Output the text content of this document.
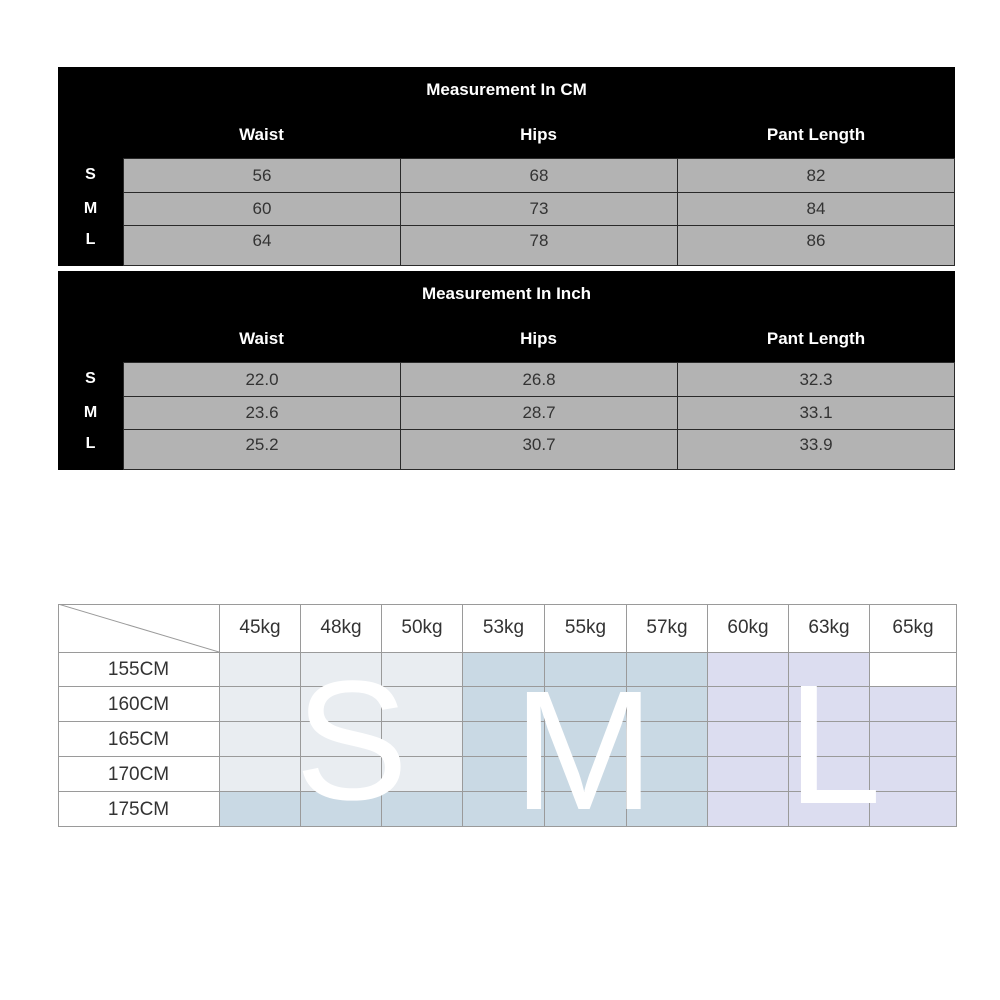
Measurement In CM
Waist	Hips	Pant Length
S	56	68	82
M	60	73	84
L	64	78	86
Measurement In Inch
Waist	Hips	Pant Length
S	22.0	26.8	32.3
M	23.6	28.7	33.1
L	25.2	30.7	33.9
45kg	48kg	50kg	53kg	55kg	57kg	60kg	63kg	65kg
155CM
160CM
165CM
170CM
175CM S M L
